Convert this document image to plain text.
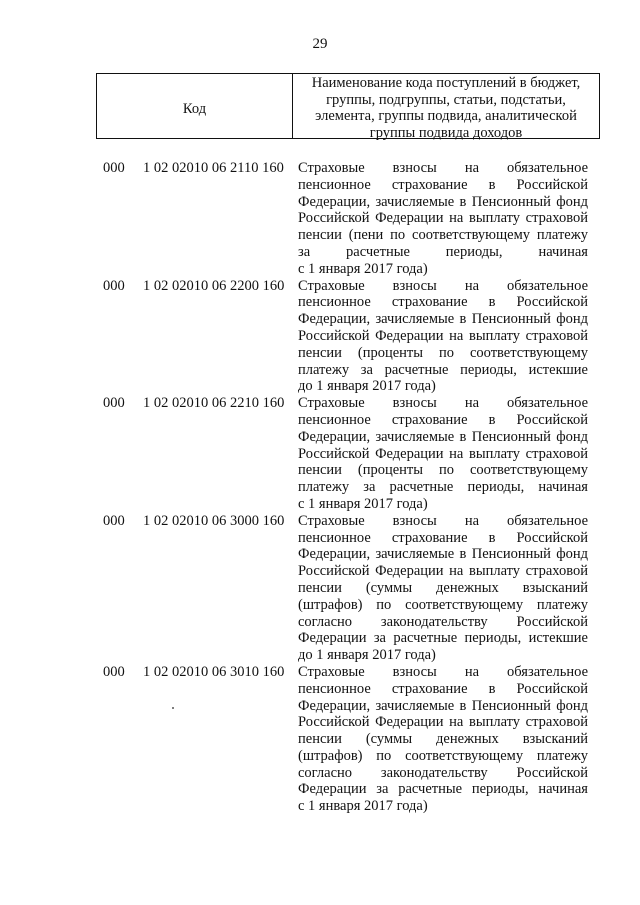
29
Код
Наименование кода поступлений в бюджет,
группы, подгруппы, статьи, подстатьи,
элемента, группы подвида, аналитической
группы подвида доходов
000 1 02 02010 06 2110 160 Страховые взносы на обязательное
пенсионное страхование в Российской
Федерации, зачисляемые в Пенсионный фонд
Российской Федерации на выплату страховой
пенсии (пени по соответствующему платежу
за расчетные периоды, начиная
с 1 января 2017 года)
000 1 02 02010 06 2200 160 Страховые взносы на обязательное
пенсионное страхование в Российской
Федерации, зачисляемые в Пенсионный фонд
Российской Федерации на выплату страховой
пенсии (проценты по соответствующему
платежу за расчетные периоды, истекшие
до 1 января 2017 года)
000 1 02 02010 06 2210 160 Страховые взносы на обязательное
пенсионное страхование в Российской
Федерации, зачисляемые в Пенсионный фонд
Российской Федерации на выплату страховой
пенсии (проценты по соответствующему
платежу за расчетные периоды, начиная
с 1 января 2017 года)
000 1 02 02010 06 3000 160 Страховые взносы на обязательное
пенсионное страхование в Российской
Федерации, зачисляемые в Пенсионный фонд
Российской Федерации на выплату страховой
пенсии (суммы денежных взысканий
(штрафов) по соответствующему платежу
согласно законодательству Российской
Федерации за расчетные периоды, истекшие
до 1 января 2017 года)
000 1 02 02010 06 3010 160 Страховые взносы на обязательное
пенсионное страхование в Российской
Федерации, зачисляемые в Пенсионный фонд
Российской Федерации на выплату страховой
пенсии (суммы денежных взысканий
(штрафов) по соответствующему платежу
согласно законодательству Российской
Федерации за расчетные периоды, начиная
с 1 января 2017 года)
